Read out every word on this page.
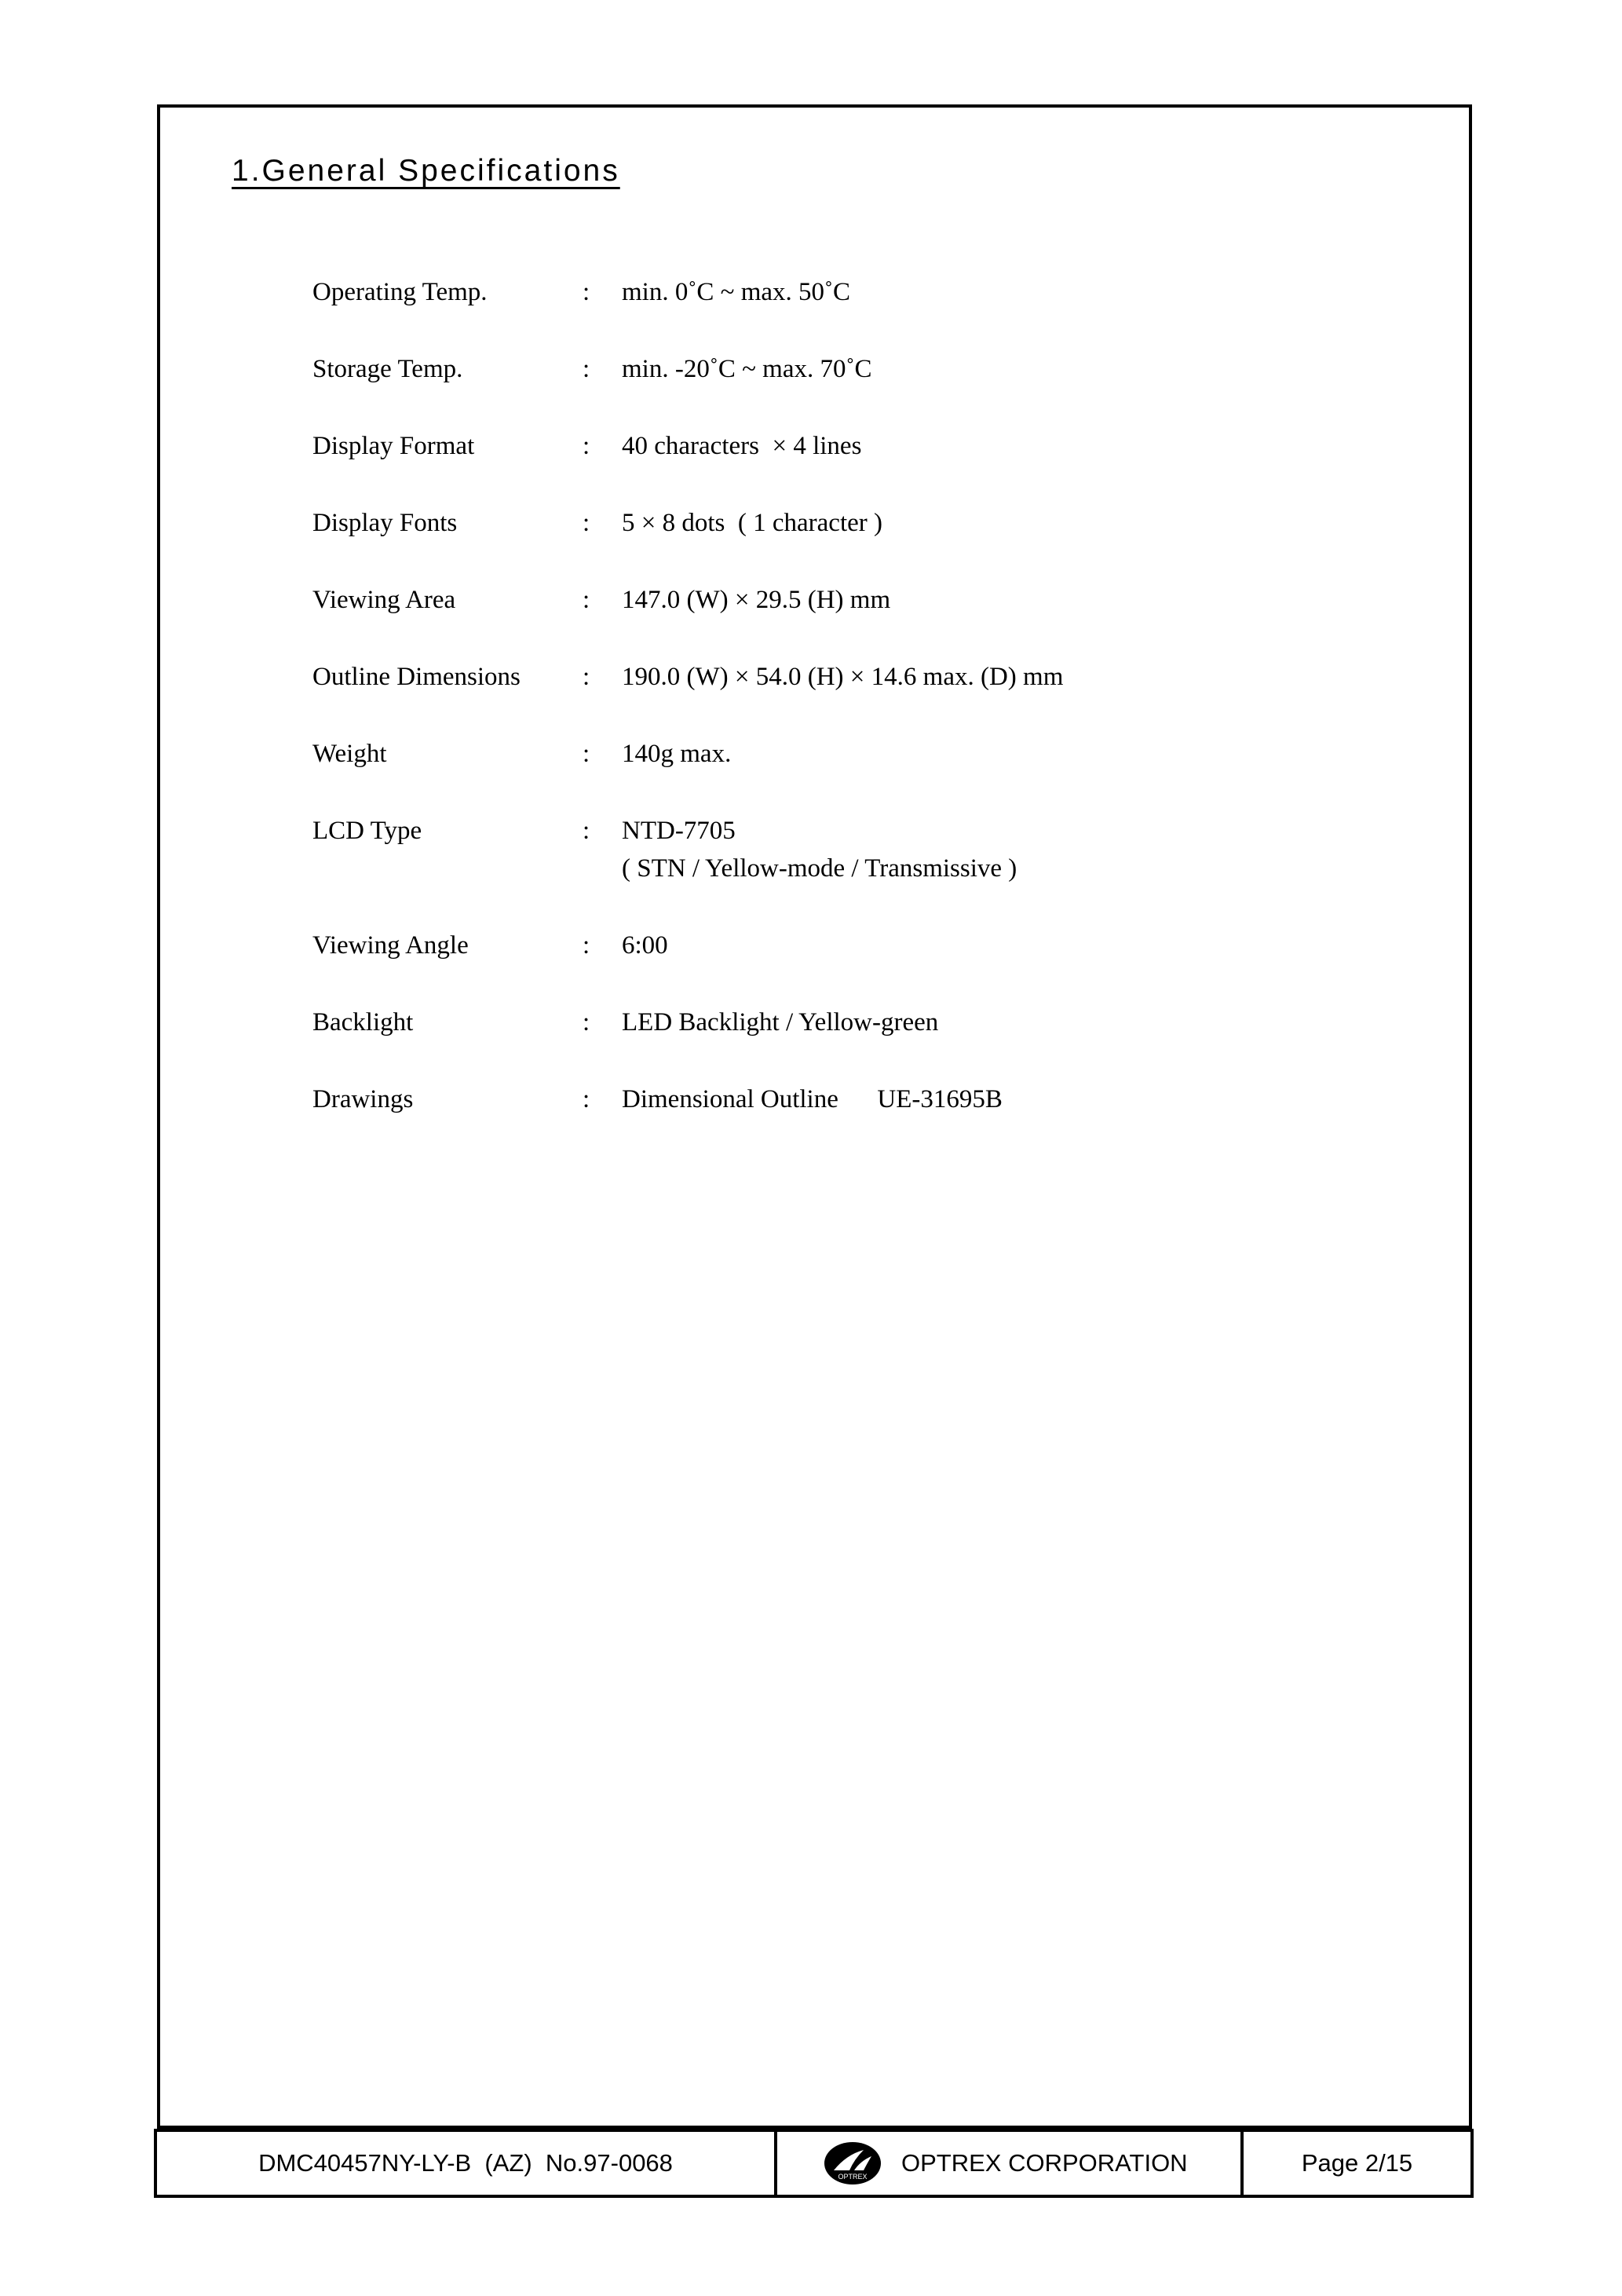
1.General Specifications
Operating Temp.	: min. 0˚C ~ max. 50˚C
Storage Temp.	: min. -20˚C ~ max. 70˚C
Display Format	: 40 characters  × 4 lines
Display Fonts	: 5 × 8 dots  ( 1 character )
Viewing Area	: 147.0 (W) × 29.5 (H) mm
Outline Dimensions	: 190.0 (W) × 54.0 (H) × 14.6 max. (D) mm
Weight	: 140g max.
LCD Type	: NTD-7705
( STN / Yellow-mode / Transmissive )
Viewing Angle	: 6:00
Backlight	: LED Backlight / Yellow-green
Drawings	: Dimensional Outline      UE-31695B
DMC40457NY-LY-B  (AZ)  No.97-0068	OPTREX OPTREX CORPORATION	Page 2/15
